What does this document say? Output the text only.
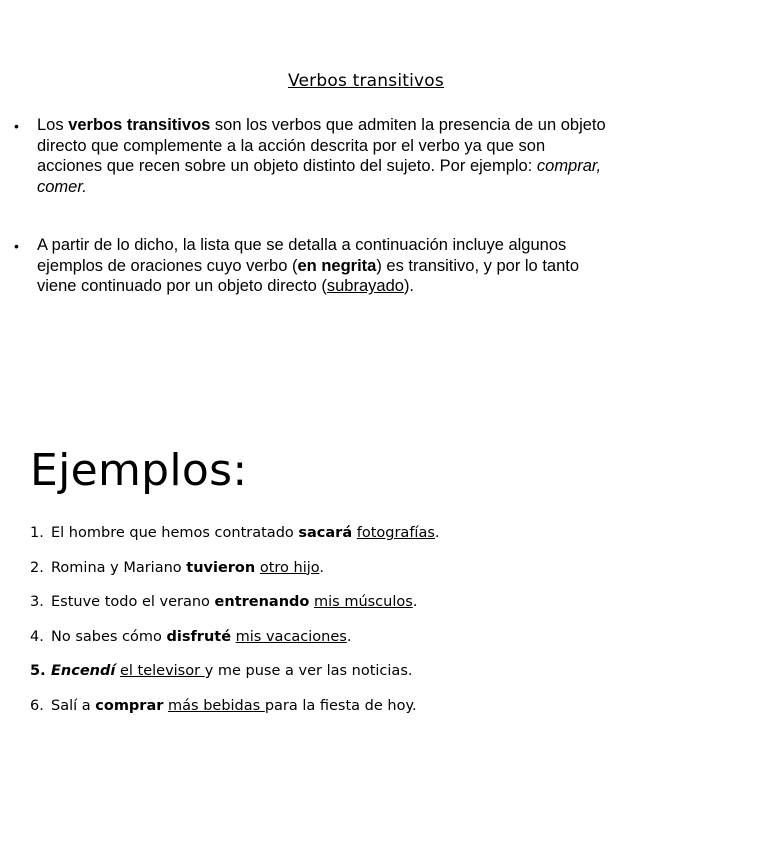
Verbos transitivos
•	Los verbos transitivos son los verbos que admiten la presencia de un objeto directo que complemente a la acción descrita por el verbo ya que son acciones que recen sobre un objeto distinto del sujeto. Por ejemplo: comprar, comer.
•	A partir de lo dicho, la lista que se detalla a continuación incluye algunos ejemplos de oraciones cuyo verbo (en negrita) es transitivo, y por lo tanto viene continuado por un objeto directo (subrayado).
Ejemplos:
1. El hombre que hemos contratado sacará fotografías.
2. Romina y Mariano tuvieron otro hijo.
3. Estuve todo el verano entrenando mis músculos.
4. No sabes cómo disfruté mis vacaciones.
5. Encendí el televisor y me puse a ver las noticias.
6. Salí a comprar más bebidas para la fiesta de hoy.
